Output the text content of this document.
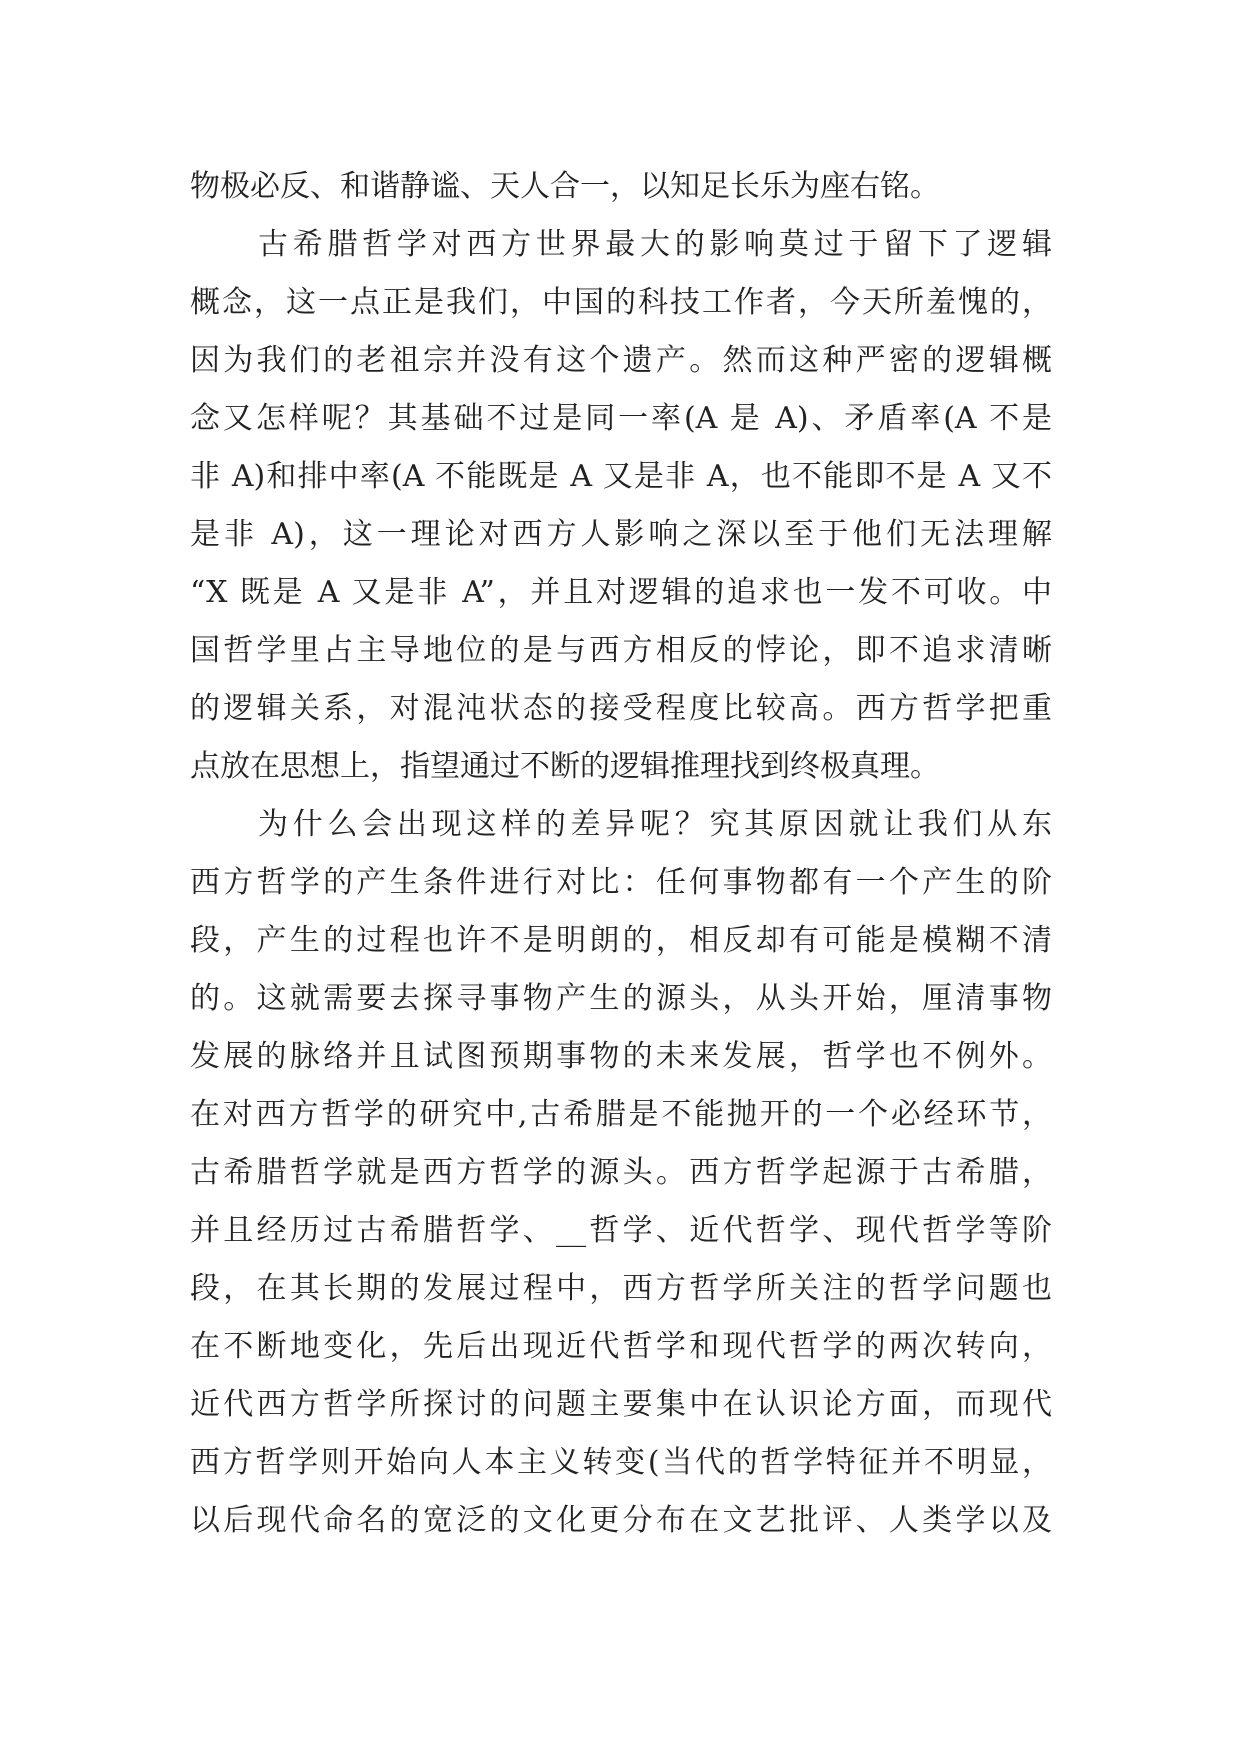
物极必反、和谐静谧、天人合一，以知足长乐为座右铭。
古希腊哲学对西方世界最大的影响莫过于留下了逻辑
概念，这一点正是我们，中国的科技工作者，今天所羞愧的，
因为我们的老祖宗并没有这个遗产。然而这种严密的逻辑概
念又怎样呢？其基础不过是同一率(A 是 A)、矛盾率(A 不是
非 A)和排中率(A 不能既是 A 又是非 A，也不能即不是 A 又不
是非 A)，这一理论对西方人影响之深以至于他们无法理解
“X 既是 A 又是非 A”，并且对逻辑的追求也一发不可收。中
国哲学里占主导地位的是与西方相反的悖论，即不追求清晰
的逻辑关系，对混沌状态的接受程度比较高。西方哲学把重
点放在思想上，指望通过不断的逻辑推理找到终极真理。
为什么会出现这样的差异呢？究其原因就让我们从东
西方哲学的产生条件进行对比：任何事物都有一个产生的阶
段，产生的过程也许不是明朗的，相反却有可能是模糊不清
的。这就需要去探寻事物产生的源头，从头开始，厘清事物
发展的脉络并且试图预期事物的未来发展，哲学也不例外。
在对西方哲学的研究中,古希腊是不能抛开的一个必经环节，
古希腊哲学就是西方哲学的源头。西方哲学起源于古希腊，
并且经历过古希腊哲学、__哲学、近代哲学、现代哲学等阶
段，在其长期的发展过程中，西方哲学所关注的哲学问题也
在不断地变化，先后出现近代哲学和现代哲学的两次转向，
近代西方哲学所探讨的问题主要集中在认识论方面，而现代
西方哲学则开始向人本主义转变(当代的哲学特征并不明显，
以后现代命名的宽泛的文化更分布在文艺批评、人类学以及
